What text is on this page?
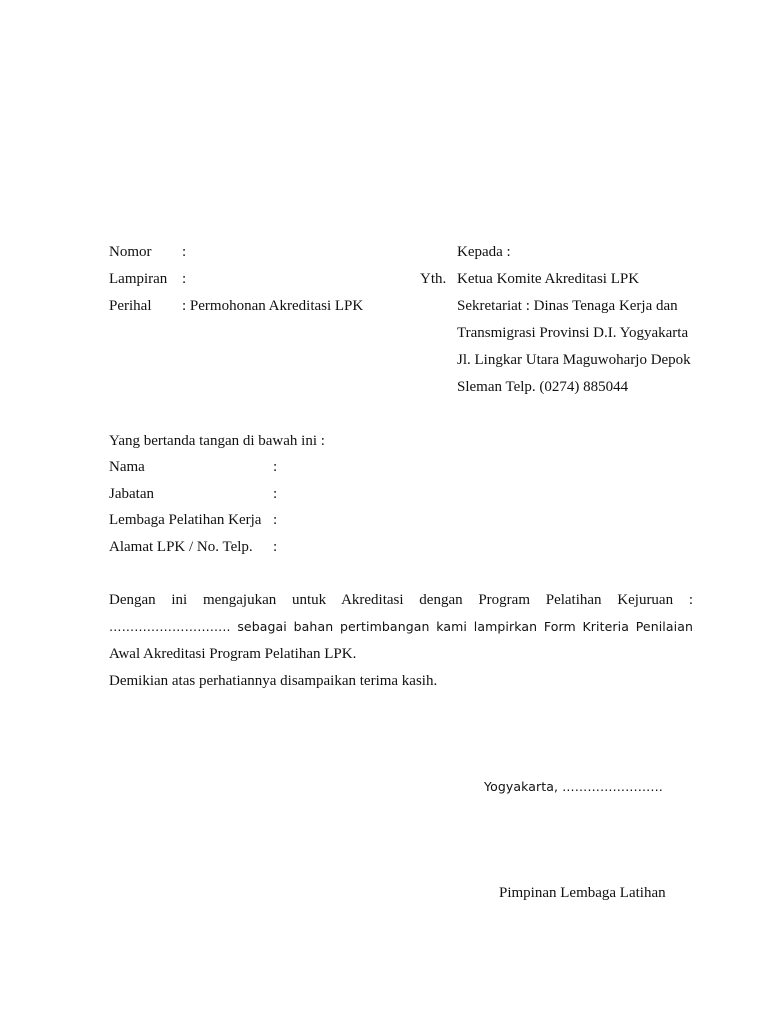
Nomor :
Lampiran :
Perihal : Permohonan Akreditasi LPK
Kepada :
Yth. Ketua Komite Akreditasi LPK
Sekretariat : Dinas Tenaga Kerja dan
Transmigrasi Provinsi D.I. Yogyakarta
Jl. Lingkar Utara Maguwoharjo Depok
Sleman Telp. (0274) 885044
Yang bertanda tangan di bawah ini :
Nama	:
Jabatan	:
Lembaga Pelatihan Kerja :
Alamat LPK / No. Telp. :
Dengan ini mengajukan untuk Akreditasi dengan Program Pelatihan Kejuruan :
……………………….. sebagai bahan pertimbangan kami lampirkan Form Kriteria Penilaian
Awal Akreditasi Program Pelatihan LPK.
Demikian atas perhatiannya disampaikan terima kasih.
Yogyakarta, ……………………
Pimpinan Lembaga Latihan
